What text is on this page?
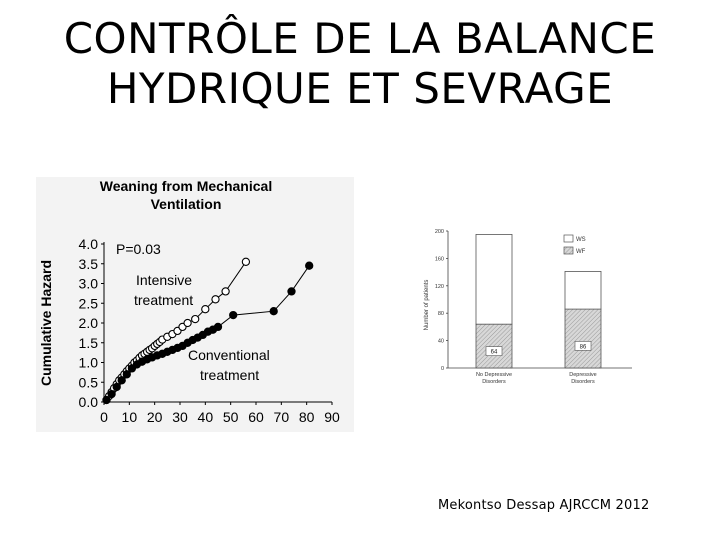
CONTRÔLE DE LA BALANCE
HYDRIQUE ET SEVRAGE
Weaning from Mechanical
Ventilation
Cumulative Hazard
0.0
0.5
1.0
1.5
2.0
2.5
3.0
3.5
4.0
0 10 20 30 40 50 60 70 80 90
P=0.03
Intensive
treatment
Conventional
treatment
Number of patients
0
40
80
120
160
200
64
No Depressive
Disorders
86
Depressive
Disorders
WS
WF
Mekontso Dessap AJRCCM 2012
